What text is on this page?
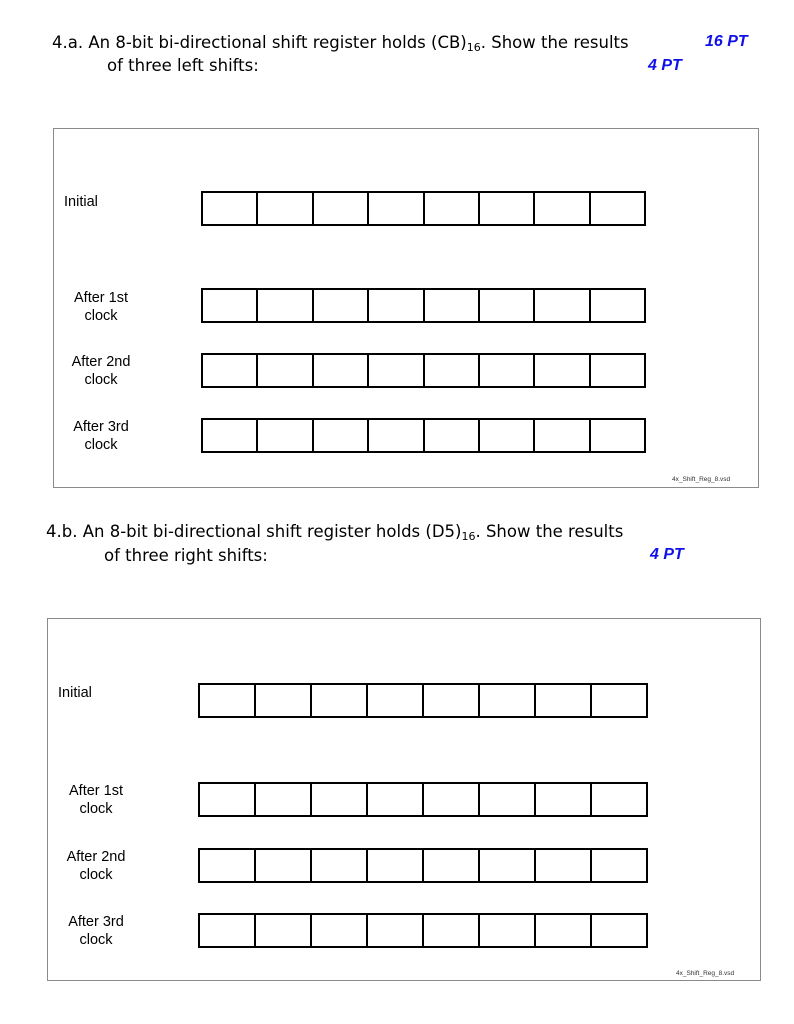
4.a. An 8-bit bi-directional shift register holds $(CB)_{16}$. Show the results	16 PT
of three left shifts:	4 PT
Initial
After 1st
clock
After 2nd
clock
After 3rd
clock
4x_Shift_Reg_8.vsd
4.b. An 8-bit bi-directional shift register holds $(D5)_{16}$. Show the results
of three right shifts:	4 PT
Initial
After 1st
clock
After 2nd
clock
After 3rd
clock
4x_Shift_Reg_8.vsd
